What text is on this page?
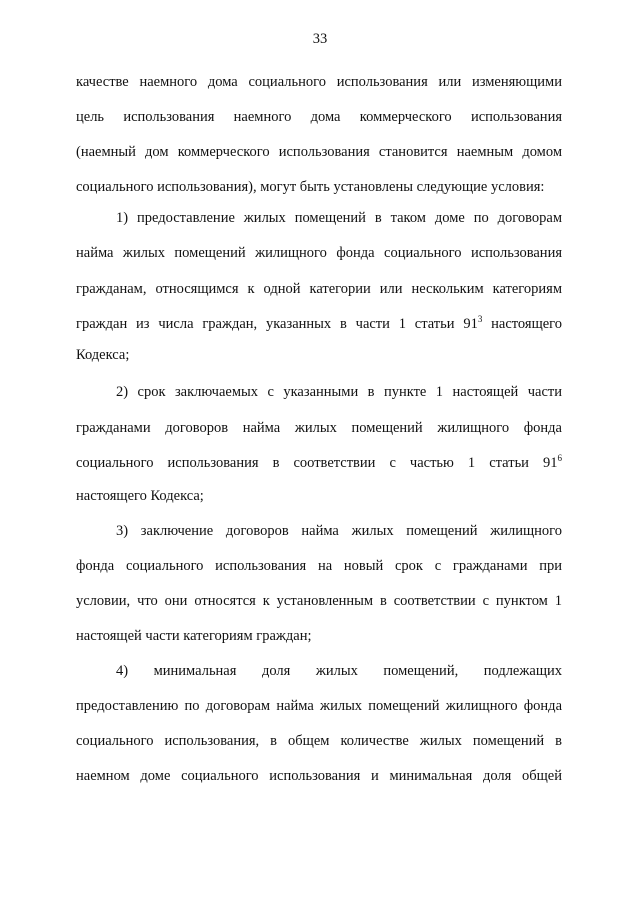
33
качестве наемного дома социального использования или изменяющими
цель использования наемного дома коммерческого использования
(наемный дом коммерческого использования становится наемным домом
социального использования), могут быть установлены следующие условия:
1) предоставление жилых помещений в таком доме по договорам
найма жилых помещений жилищного фонда социального использования
гражданам, относящимся к одной категории или нескольким категориям
граждан из числа граждан, указанных в части 1 статьи $91^3$ настоящего
Кодекса;
2) срок заключаемых с указанными в пункте 1 настоящей части
гражданами договоров найма жилых помещений жилищного фонда
социального использования в соответствии с частью 1 статьи $91^6$
настоящего Кодекса;
3) заключение договоров найма жилых помещений жилищного
фонда социального использования на новый срок с гражданами при
условии, что они относятся к установленным в соответствии с пунктом 1
настоящей части категориям граждан;
4) минимальная доля жилых помещений, подлежащих
предоставлению по договорам найма жилых помещений жилищного фонда
социального использования, в общем количестве жилых помещений в
наемном доме социального использования и минимальная доля общей
